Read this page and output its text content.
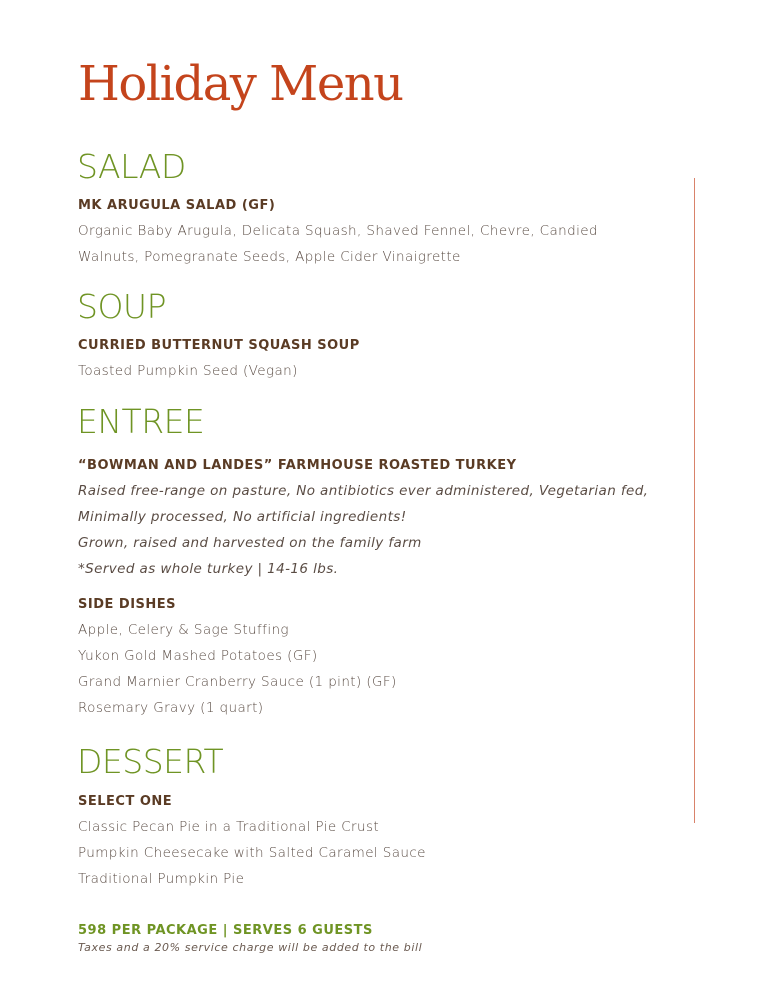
Holiday Menu
SALAD
MK ARUGULA SALAD (GF)

Organic Baby Arugula, Delicata Squash, Shaved Fennel, Chevre, Candied

Walnuts, Pomegranate Seeds, Apple Cider Vinaigrette

SOUP
CURRIED BUTTERNUT SQUASH SOUP

Toasted Pumpkin Seed (Vegan)

ENTREE
“BOWMAN AND LANDES” FARMHOUSE ROASTED TURKEY

Raised free-range on pasture, No antibiotics ever administered, Vegetarian fed,

Minimally processed, No artificial ingredients!

Grown, raised and harvested on the family farm

*Served as whole turkey | 14-16 lbs.

SIDE DISHES

Apple, Celery & Sage Stuffing

Yukon Gold Mashed Potatoes (GF)

Grand Marnier Cranberry Sauce (1 pint) (GF)

Rosemary Gravy (1 quart)

DESSERT
SELECT ONE

Classic Pecan Pie in a Traditional Pie Crust

Pumpkin Cheesecake with Salted Caramel Sauce

Traditional Pumpkin Pie

598 PER PACKAGE | SERVES 6 GUESTS

Taxes and a 20% service charge will be added to the bill
